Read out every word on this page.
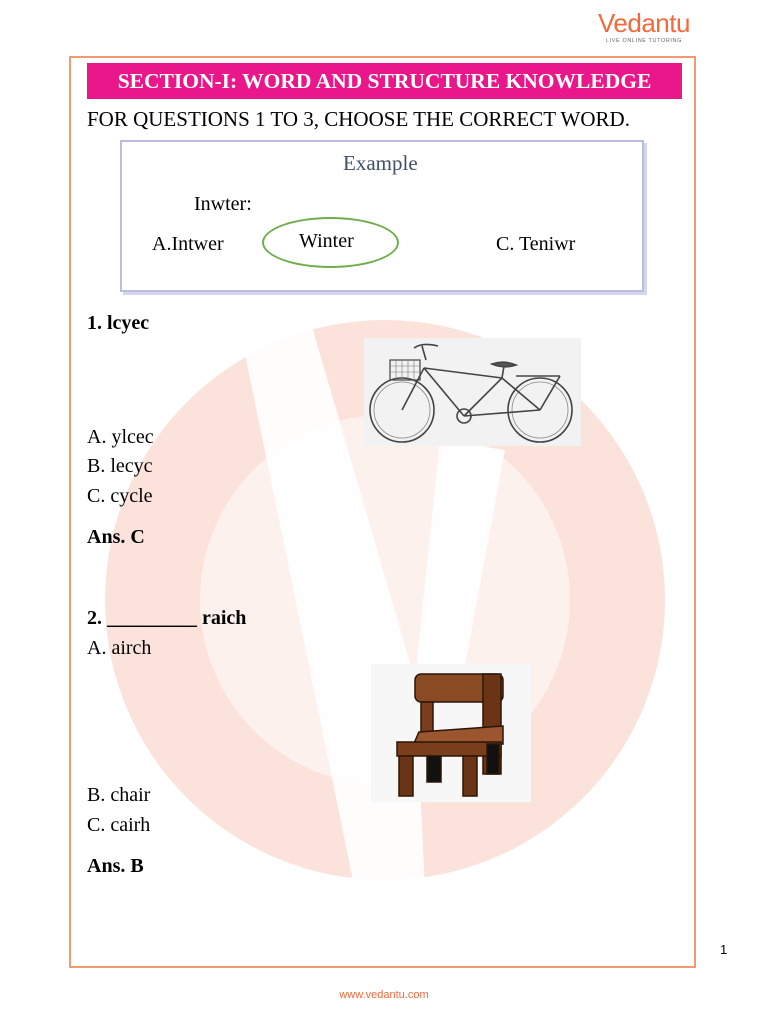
Vedantu
LIVE ONLINE TUTORING
SECTION-I: WORD AND STRUCTURE KNOWLEDGE
FOR QUESTIONS 1 TO 3, CHOOSE THE CORRECT WORD.
Example
Inwter:
A.Intwer	Winter	C. Teniwr
1. lcyec
A. ylcec
B. lecyc
C. cycle
Ans. C
2. _________ raich
A. airch
B. chair
C. cairh
Ans. B
1
www.vedantu.com
